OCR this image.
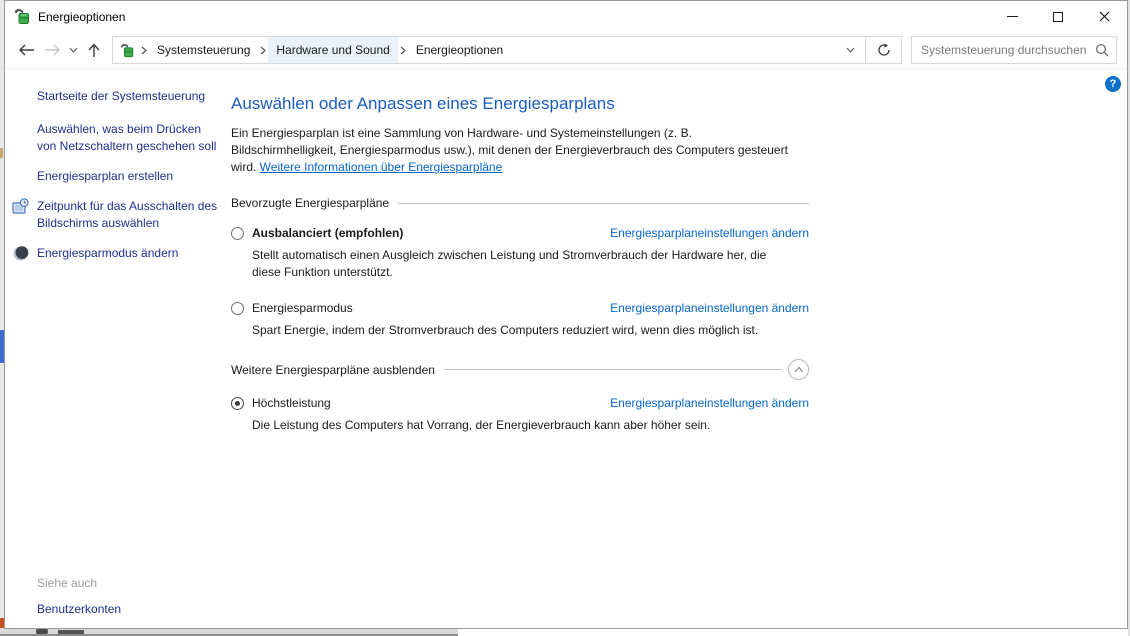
Energieoptionen
Systemsteuerung	Hardware und Sound	Energieoptionen
Systemsteuerung durchsuchen
?
Startseite der Systemsteuerung
Auswählen, was beim Drücken von Netzschaltern geschehen soll
Energiesparplan erstellen
Zeitpunkt für das Ausschalten des Bildschirms auswählen
Energiesparmodus ändern
Siehe auch
Benutzerkonten
Auswählen oder Anpassen eines Energiesparplans
Ein Energiesparplan ist eine Sammlung von Hardware- und Systemeinstellungen (z. B. Bildschirmhelligkeit, Energiesparmodus usw.), mit denen der Energieverbrauch des Computers gesteuert wird. Weitere Informationen über Energiesparpläne
Bevorzugte Energiesparpläne
Ausbalanciert (empfohlen)	Energiesparplaneinstellungen ändern
Stellt automatisch einen Ausgleich zwischen Leistung und Stromverbrauch der Hardware her, die diese Funktion unterstützt.
Energiesparmodus	Energiesparplaneinstellungen ändern
Spart Energie, indem der Stromverbrauch des Computers reduziert wird, wenn dies möglich ist.
Weitere Energiesparpläne ausblenden
Höchstleistung	Energiesparplaneinstellungen ändern
Die Leistung des Computers hat Vorrang, der Energieverbrauch kann aber höher sein.
